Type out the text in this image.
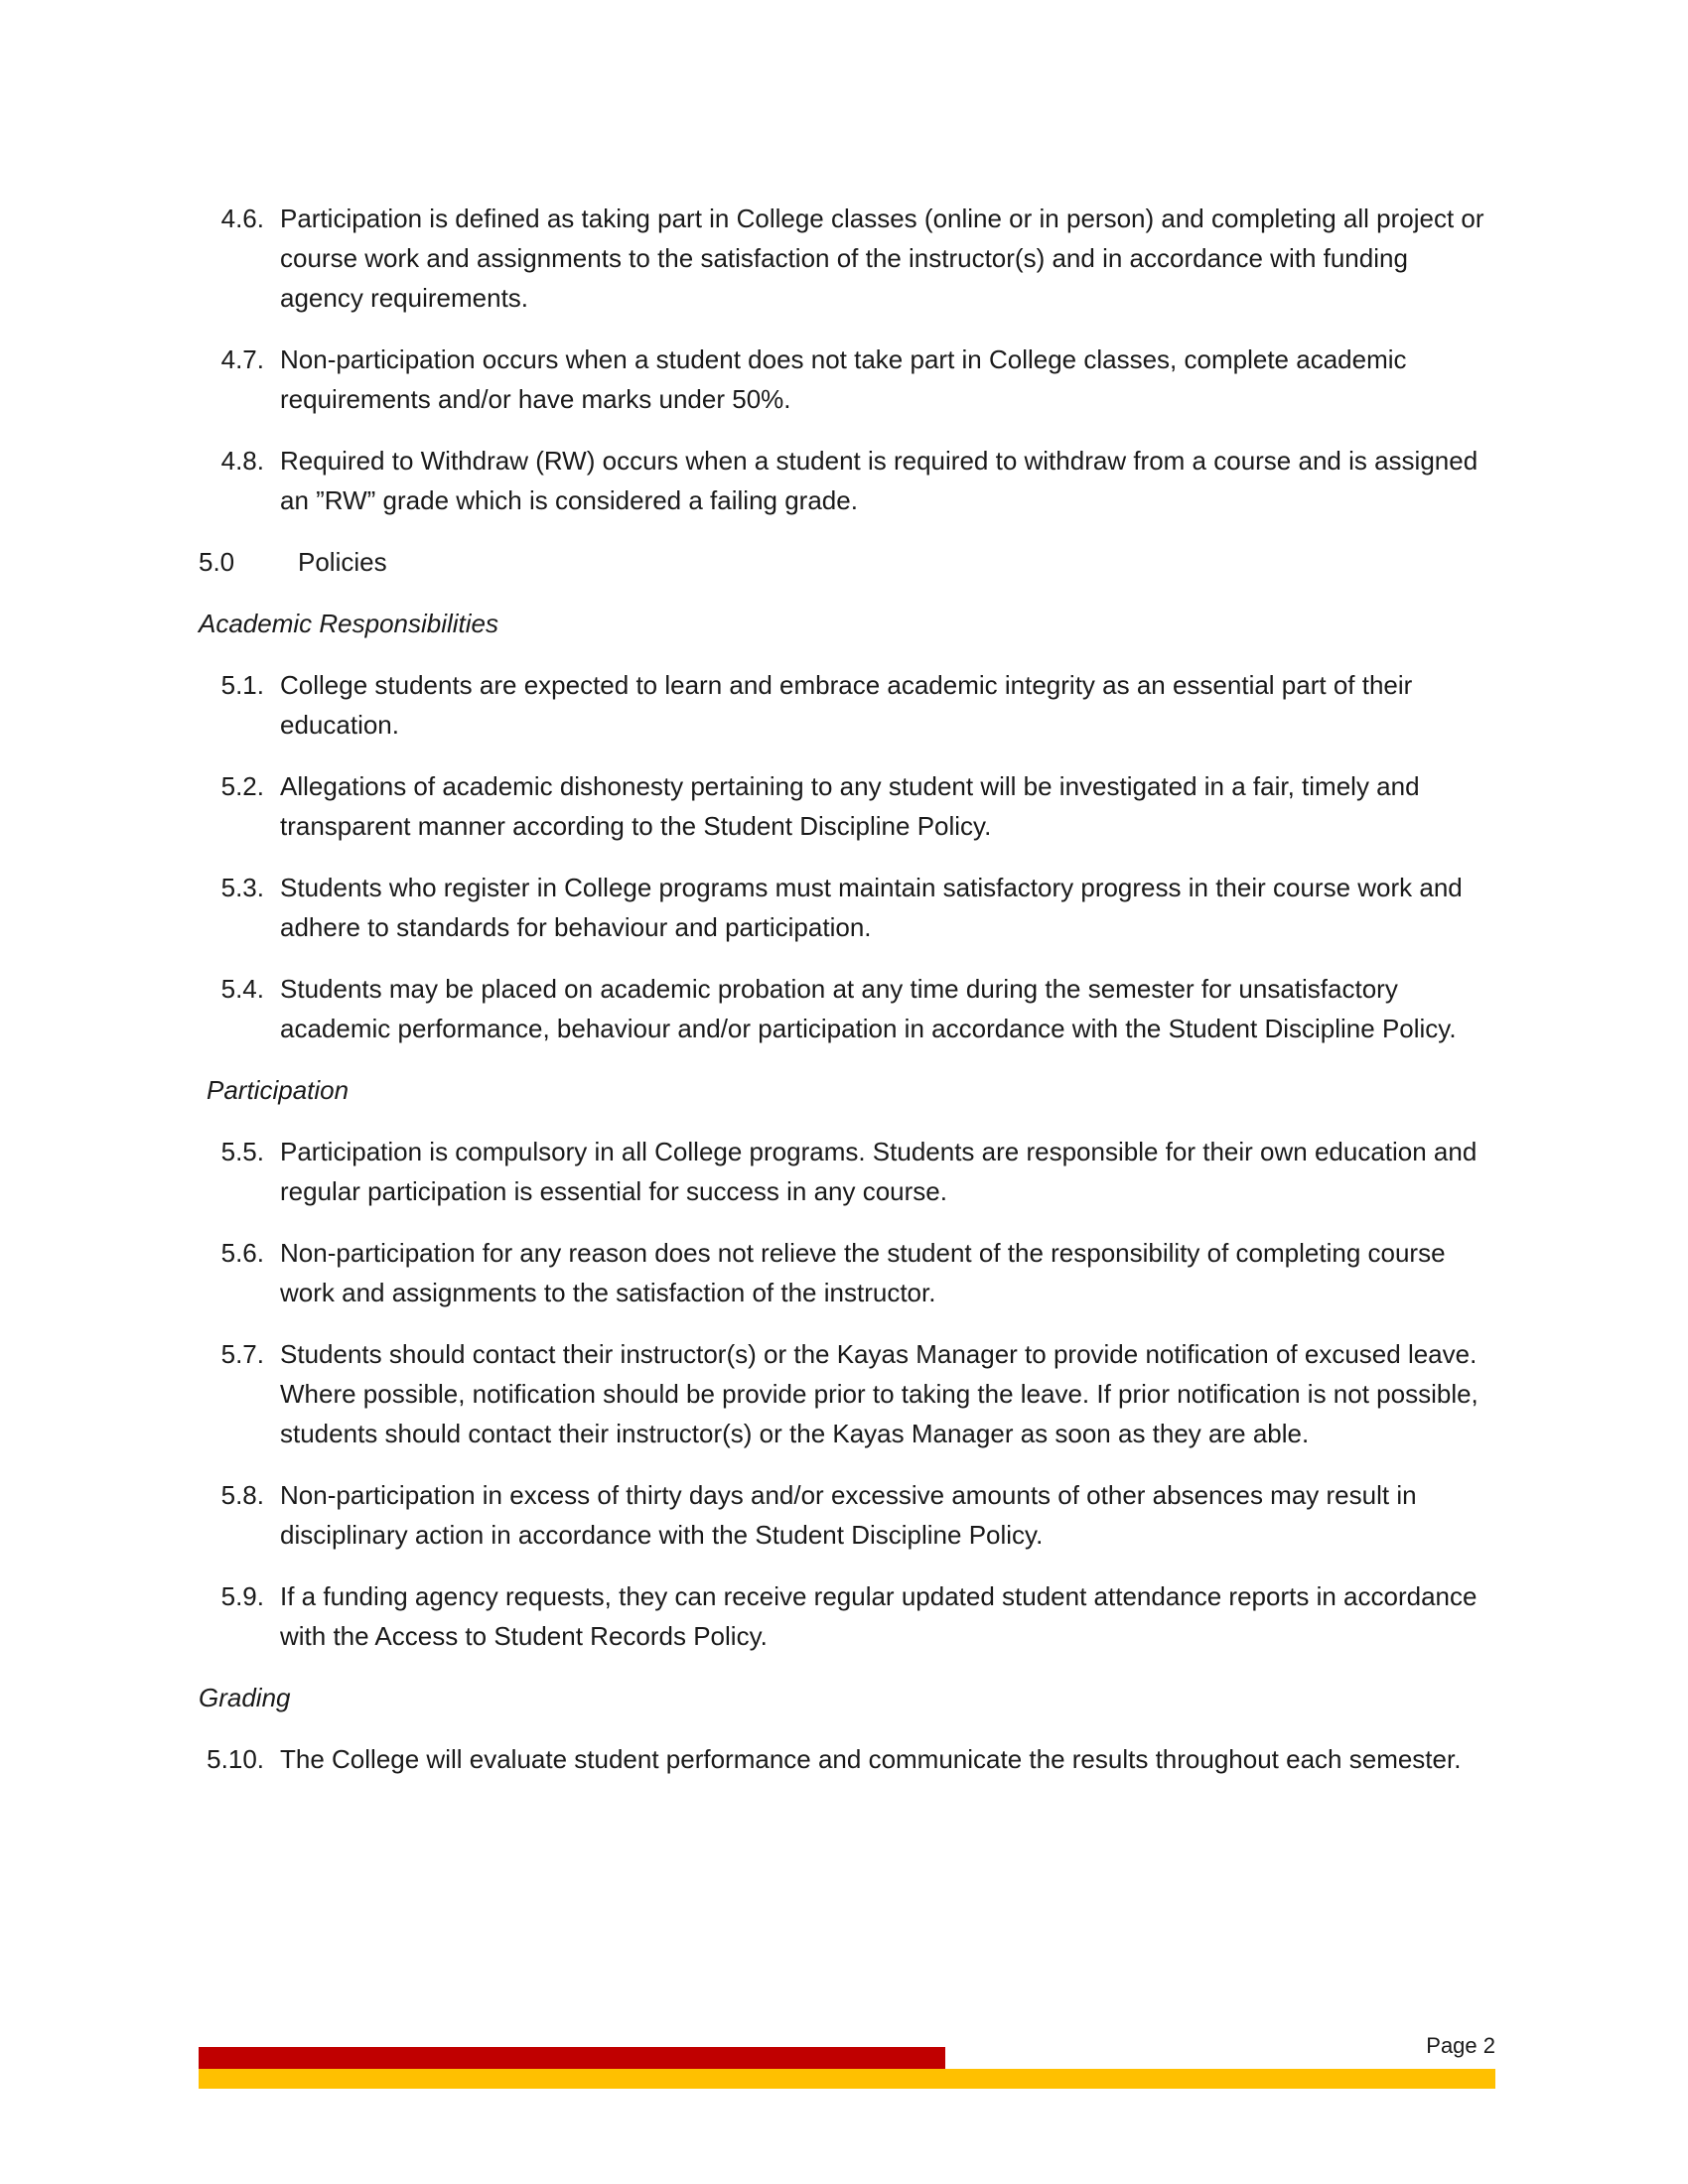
4.6. Participation is defined as taking part in College classes (online or in person) and completing all project or course work and assignments to the satisfaction of the instructor(s) and in accordance with funding agency requirements.
4.7. Non-participation occurs when a student does not take part in College classes, complete academic requirements and/or have marks under 50%.
4.8. Required to Withdraw (RW) occurs when a student is required to withdraw from a course and is assigned an ”RW” grade which is considered a failing grade.
5.0	Policies
Academic Responsibilities
5.1. College students are expected to learn and embrace academic integrity as an essential part of their education.
5.2. Allegations of academic dishonesty pertaining to any student will be investigated in a fair, timely and transparent manner according to the Student Discipline Policy.
5.3. Students who register in College programs must maintain satisfactory progress in their course work and adhere to standards for behaviour and participation.
5.4. Students may be placed on academic probation at any time during the semester for unsatisfactory academic performance, behaviour and/or participation in accordance with the Student Discipline Policy.
Participation
5.5. Participation is compulsory in all College programs. Students are responsible for their own education and regular participation is essential for success in any course.
5.6. Non-participation for any reason does not relieve the student of the responsibility of completing course work and assignments to the satisfaction of the instructor.
5.7. Students should contact their instructor(s) or the Kayas Manager to provide notification of excused leave. Where possible, notification should be provide prior to taking the leave. If prior notification is not possible, students should contact their instructor(s) or the Kayas Manager as soon as they are able.
5.8. Non-participation in excess of thirty days and/or excessive amounts of other absences may result in disciplinary action in accordance with the Student Discipline Policy.
5.9. If a funding agency requests, they can receive regular updated student attendance reports in accordance with the Access to Student Records Policy.
Grading
5.10. The College will evaluate student performance and communicate the results throughout each semester.
Page 2
